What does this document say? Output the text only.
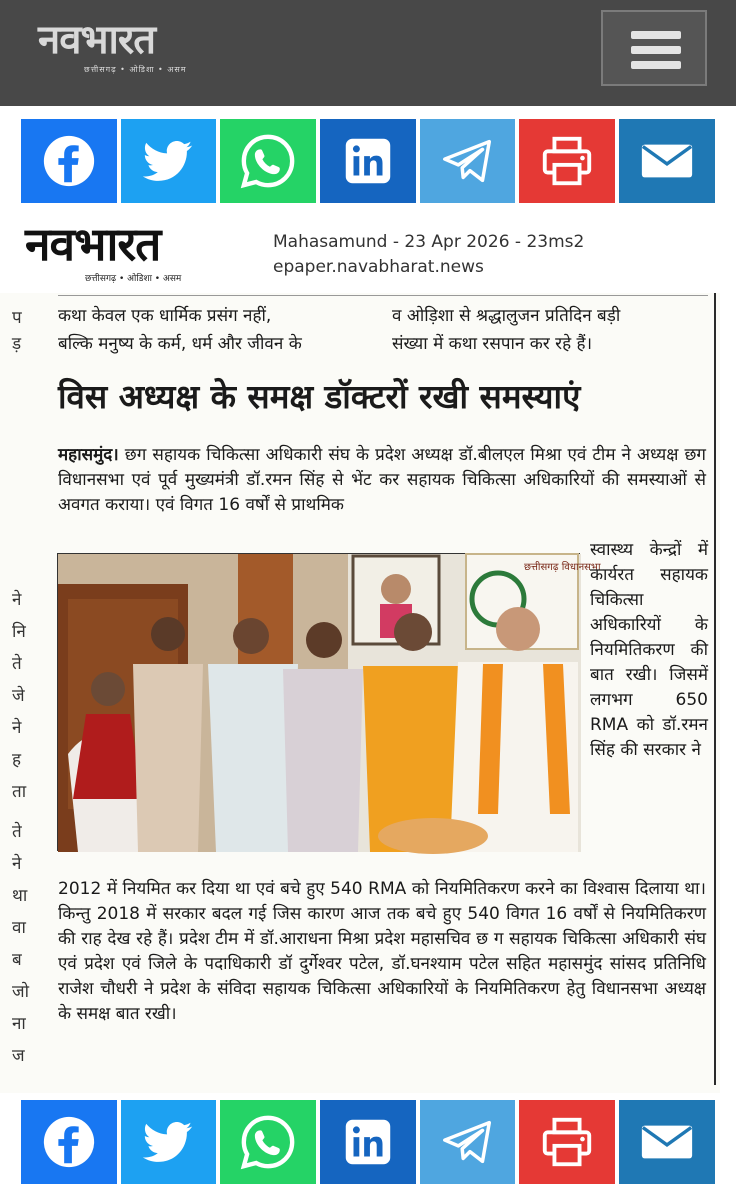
नवभारत
छत्तीसगढ़ • ओडिशा • असम
नवभारत
छत्तीसगढ़ • ओडिशा • असम
Mahasamund - 23 Apr 2026 - 23ms2
epaper.navabharat.news
प
ड़
ने
नि
ते
जे
ने
ह
ता
ते
ने
था
वा
ब
जो
ना
ज
कथा केवल एक धार्मिक प्रसंग नहीं,
बल्कि मनुष्य के कर्म, धर्म और जीवन के
व ओड़िशा से श्रद्धालुजन प्रतिदिन बड़ी
संख्या में कथा रसपान कर रहे हैं।
विस अध्यक्ष के समक्ष डॉक्टरों रखी समस्याएं
महासमुंद। छग सहायक चिकित्सा अधिकारी संघ के प्रदेश अध्यक्ष डॉ.बीलएल मिश्रा एवं टीम ने अध्यक्ष छग विधानसभा एवं पूर्व मुख्यमंत्री डॉ.रमन सिंह से भेंट कर सहायक चिकित्सा अधिकारियों की समस्याओं से अवगत कराया। एवं विगत 16 वर्षों से प्राथमिक
छत्तीसगढ़ विधानसभा
स्वास्थ्य केन्द्रों में कार्यरत सहायक चिकित्सा अधिकारियों के नियमितिकरण की बात रखी। जिसमें लगभग 650 RMA को डॉ.रमन सिंह की सरकार ने
2012 में नियमित कर दिया था एवं बचे हुए 540 RMA को नियमितिकरण करने का विश्वास दिलाया था। किन्तु 2018 में सरकार बदल गई जिस कारण आज तक बचे हुए 540 विगत 16 वर्षों से नियमितिकरण की राह देख रहे हैं। प्रदेश टीम में डॉ.आराधना मिश्रा प्रदेश महासचिव छ ग सहायक चिकित्सा अधिकारी संघ एवं प्रदेश एवं जिले के पदाधिकारी डॉ दुर्गेश्वर पटेल, डॉ.घनश्याम पटेल सहित महासमुंद सांसद प्रतिनिधि राजेश चौधरी ने प्रदेश के संविदा सहायक चिकित्सा अधिकारियों के नियमितिकरण हेतु विधानसभा अध्यक्ष के समक्ष बात रखी।
